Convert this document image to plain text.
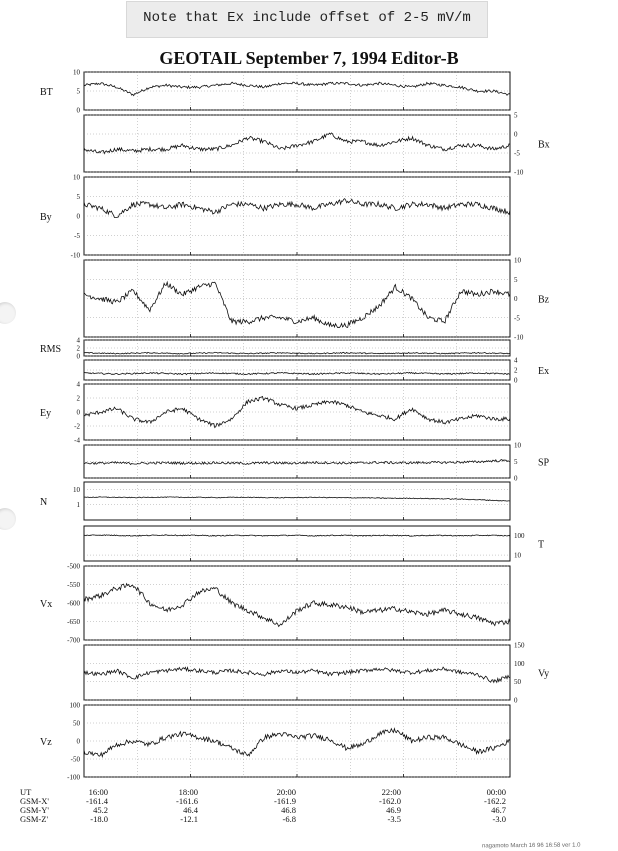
Note that Ex include offset of 2-5 mV/m
GEOTAIL September 7, 1994 Editor-B
10
5
0
BT
5
0
-5
-10
Bx
10
5
0
-5
-10
By
10
5
0
-5
-10
Bz
4
2
0
RMS
4
2
0
Ex
4
2
0
-2
-4
Ey
10
5
0
SP
10
1
N
100
10
T
-500
-550
-600
-650
-700
Vx
150
100
50
0
Vy
100
50
0
-50
-100
Vz
UT	16:00	18:00	20:00	22:00	00:00
GSM-X'	-161.4	-161.6	-161.9	-162.0	-162.2
GSM-Y'	45.2	46.4	46.8	46.9	46.7
GSM-Z'	-18.0	-12.1	-6.8	-3.5	-3.0
nagamoto March 16 96 16:58 ver 1.0
